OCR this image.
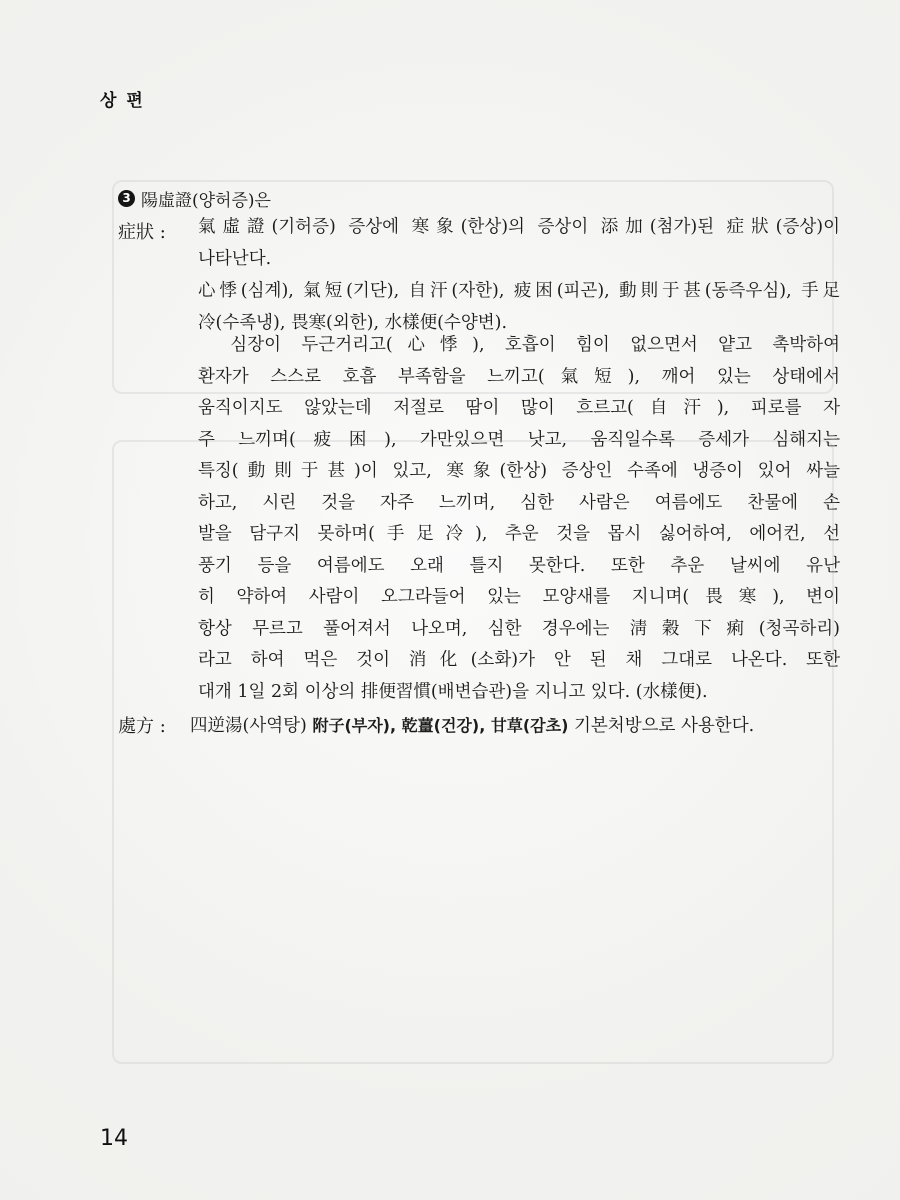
상 편
3 陽虛證(양허증)은
症狀 : 氣虛證(기허증) 증상에 寒象(한상)의 증상이 添加(첨가)된 症狀(증상)이

나타난다.

心悸(심계), 氣短(기단), 自汗(자한), 疲困(피곤), 動則于甚(동즉우심), 手足

冷(수족냉), 畏寒(외한), 水樣便(수양변).

　심장이 두근거리고(心悸), 호흡이 힘이 없으면서 얕고 촉박하여

환자가 스스로 호흡 부족함을 느끼고(氣短), 깨어 있는 상태에서

움직이지도 않았는데 저절로 땀이 많이 흐르고(自汗), 피로를 자

주 느끼며(疲困), 가만있으면 낫고, 움직일수록 증세가 심해지는

특징(動則于甚)이 있고, 寒象(한상) 증상인 수족에 냉증이 있어 싸늘

하고, 시린 것을 자주 느끼며, 심한 사람은 여름에도 찬물에 손

발을 담구지 못하며(手足冷), 추운 것을 몹시 싫어하여, 에어컨, 선

풍기 등을 여름에도 오래 틀지 못한다. 또한 추운 날씨에 유난

히 약하여 사람이 오그라들어 있는 모양새를 지니며(畏寒), 변이

항상 무르고 풀어져서 나오며, 심한 경우에는 淸穀下痢(청곡하리)

라고 하여 먹은 것이 消化(소화)가 안 된 채 그대로 나온다. 또한

대개 1일 2회 이상의 排便習慣(배변습관)을 지니고 있다. (水樣便).

處方 : 四逆湯(사역탕) 附子(부자), 乾薑(건강), 甘草(감초) 기본처방으로 사용한다.
14
